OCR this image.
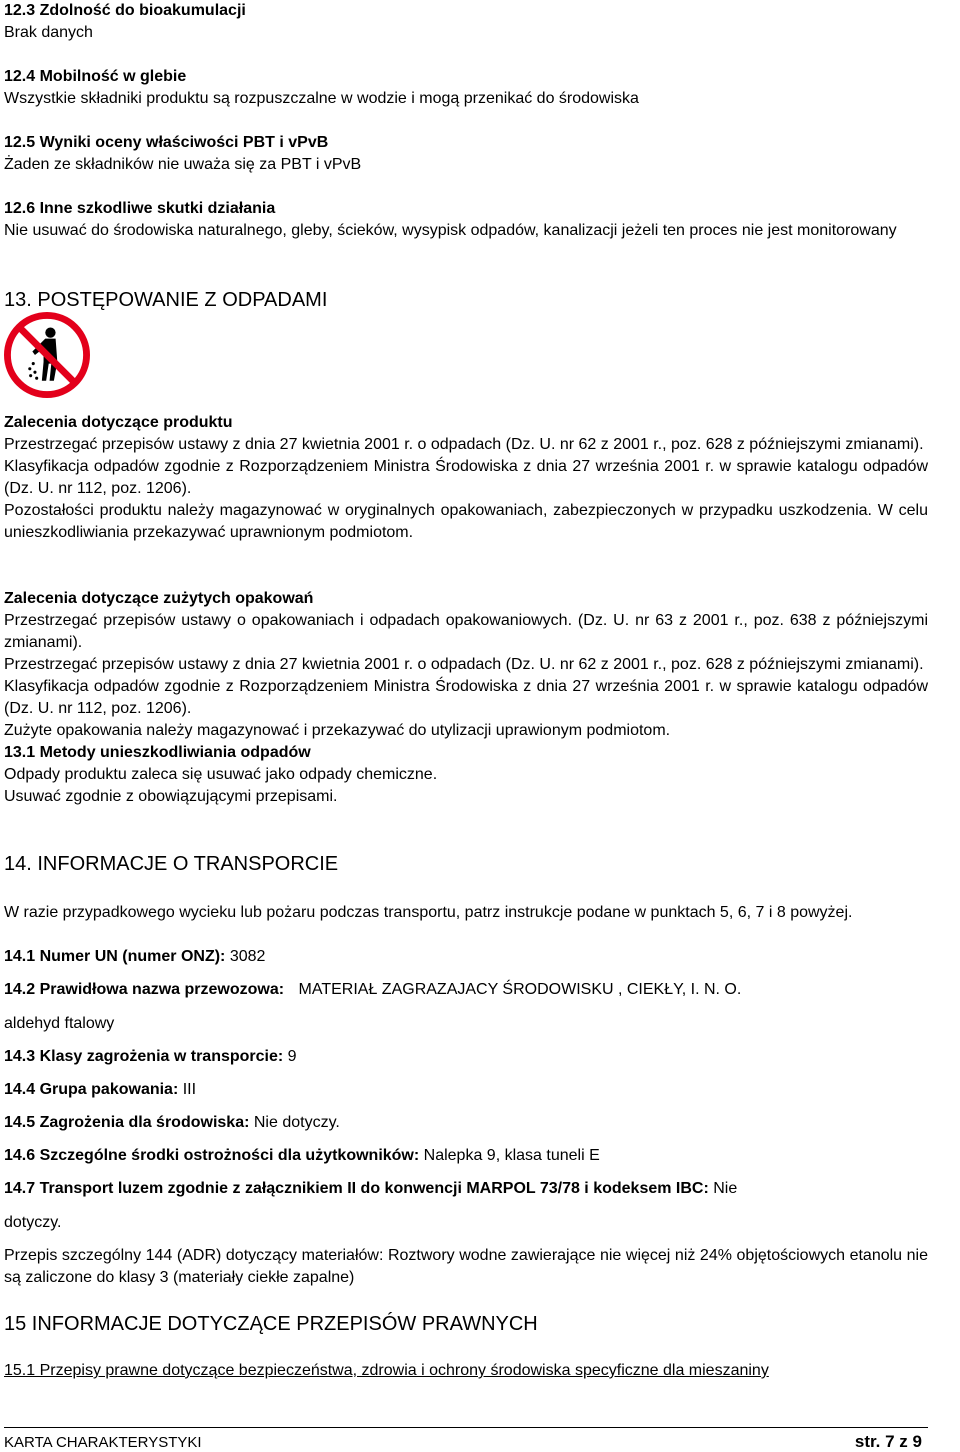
12.3 Zdolność do bioakumulacji
Brak danych
12.4 Mobilność w glebie
Wszystkie składniki produktu są rozpuszczalne w wodzie i mogą przenikać do środowiska
12.5 Wyniki oceny właściwości PBT i vPvB
Żaden ze składników nie uważa się za PBT i vPvB
12.6 Inne szkodliwe skutki działania
Nie usuwać do środowiska naturalnego, gleby, ścieków, wysypisk odpadów, kanalizacji jeżeli ten proces nie jest monitorowany
13. POSTĘPOWANIE Z ODPADAMI
Zalecenia dotyczące produktu
Przestrzegać przepisów ustawy z dnia 27 kwietnia 2001 r. o odpadach (Dz. U. nr 62 z 2001 r., poz. 628 z późniejszymi zmianami).
Klasyfikacja odpadów zgodnie z Rozporządzeniem Ministra Środowiska z dnia 27 września 2001 r. w sprawie katalogu odpadów (Dz. U. nr 112, poz. 1206).
Pozostałości produktu należy magazynować w oryginalnych opakowaniach, zabezpieczonych w przypadku uszkodzenia. W celu unieszkodliwiania przekazywać uprawnionym podmiotom.
Zalecenia dotyczące zużytych opakowań
Przestrzegać przepisów ustawy o opakowaniach i odpadach opakowaniowych. (Dz. U. nr 63 z 2001 r., poz. 638 z późniejszymi zmianami).
Przestrzegać przepisów ustawy z dnia 27 kwietnia 2001 r. o odpadach (Dz. U. nr 62 z 2001 r., poz. 628 z późniejszymi zmianami).
Klasyfikacja odpadów zgodnie z Rozporządzeniem Ministra Środowiska z dnia 27 września 2001 r. w sprawie katalogu odpadów (Dz. U. nr 112, poz. 1206).
Zużyte opakowania należy magazynować i przekazywać do utylizacji uprawionym podmiotom.
13.1 Metody unieszkodliwiania odpadów
Odpady produktu zaleca się usuwać jako odpady chemiczne.
Usuwać zgodnie z obowiązującymi przepisami.
14. INFORMACJE O TRANSPORCIE
W razie przypadkowego wycieku lub pożaru podczas transportu, patrz instrukcje podane w punktach 5, 6, 7 i 8 powyżej.
14.1 Numer UN (numer ONZ): 3082
14.2 Prawidłowa nazwa przewozowa: MATERIAŁ ZAGRAZAJACY ŚRODOWISKU , CIEKŁY, I. N. O.
aldehyd ftalowy
14.3 Klasy zagrożenia w transporcie: 9
14.4 Grupa pakowania: III
14.5 Zagrożenia dla środowiska: Nie dotyczy.
14.6 Szczególne środki ostrożności dla użytkowników: Nalepka 9, klasa tuneli E
14.7 Transport luzem zgodnie z załącznikiem II do konwencji MARPOL 73/78 i kodeksem IBC: Nie
dotyczy.
Przepis szczególny 144 (ADR) dotyczący materiałów: Roztwory wodne zawierające nie więcej niż 24% objętościowych etanolu nie są zaliczone do klasy 3 (materiały ciekłe zapalne)
15 INFORMACJE DOTYCZĄCE PRZEPISÓW PRAWNYCH
15.1 Przepisy prawne dotyczące bezpieczeństwa, zdrowia i ochrony środowiska specyficzne dla mieszaniny
KARTA CHARAKTERYSTYKI	str. 7 z 9
